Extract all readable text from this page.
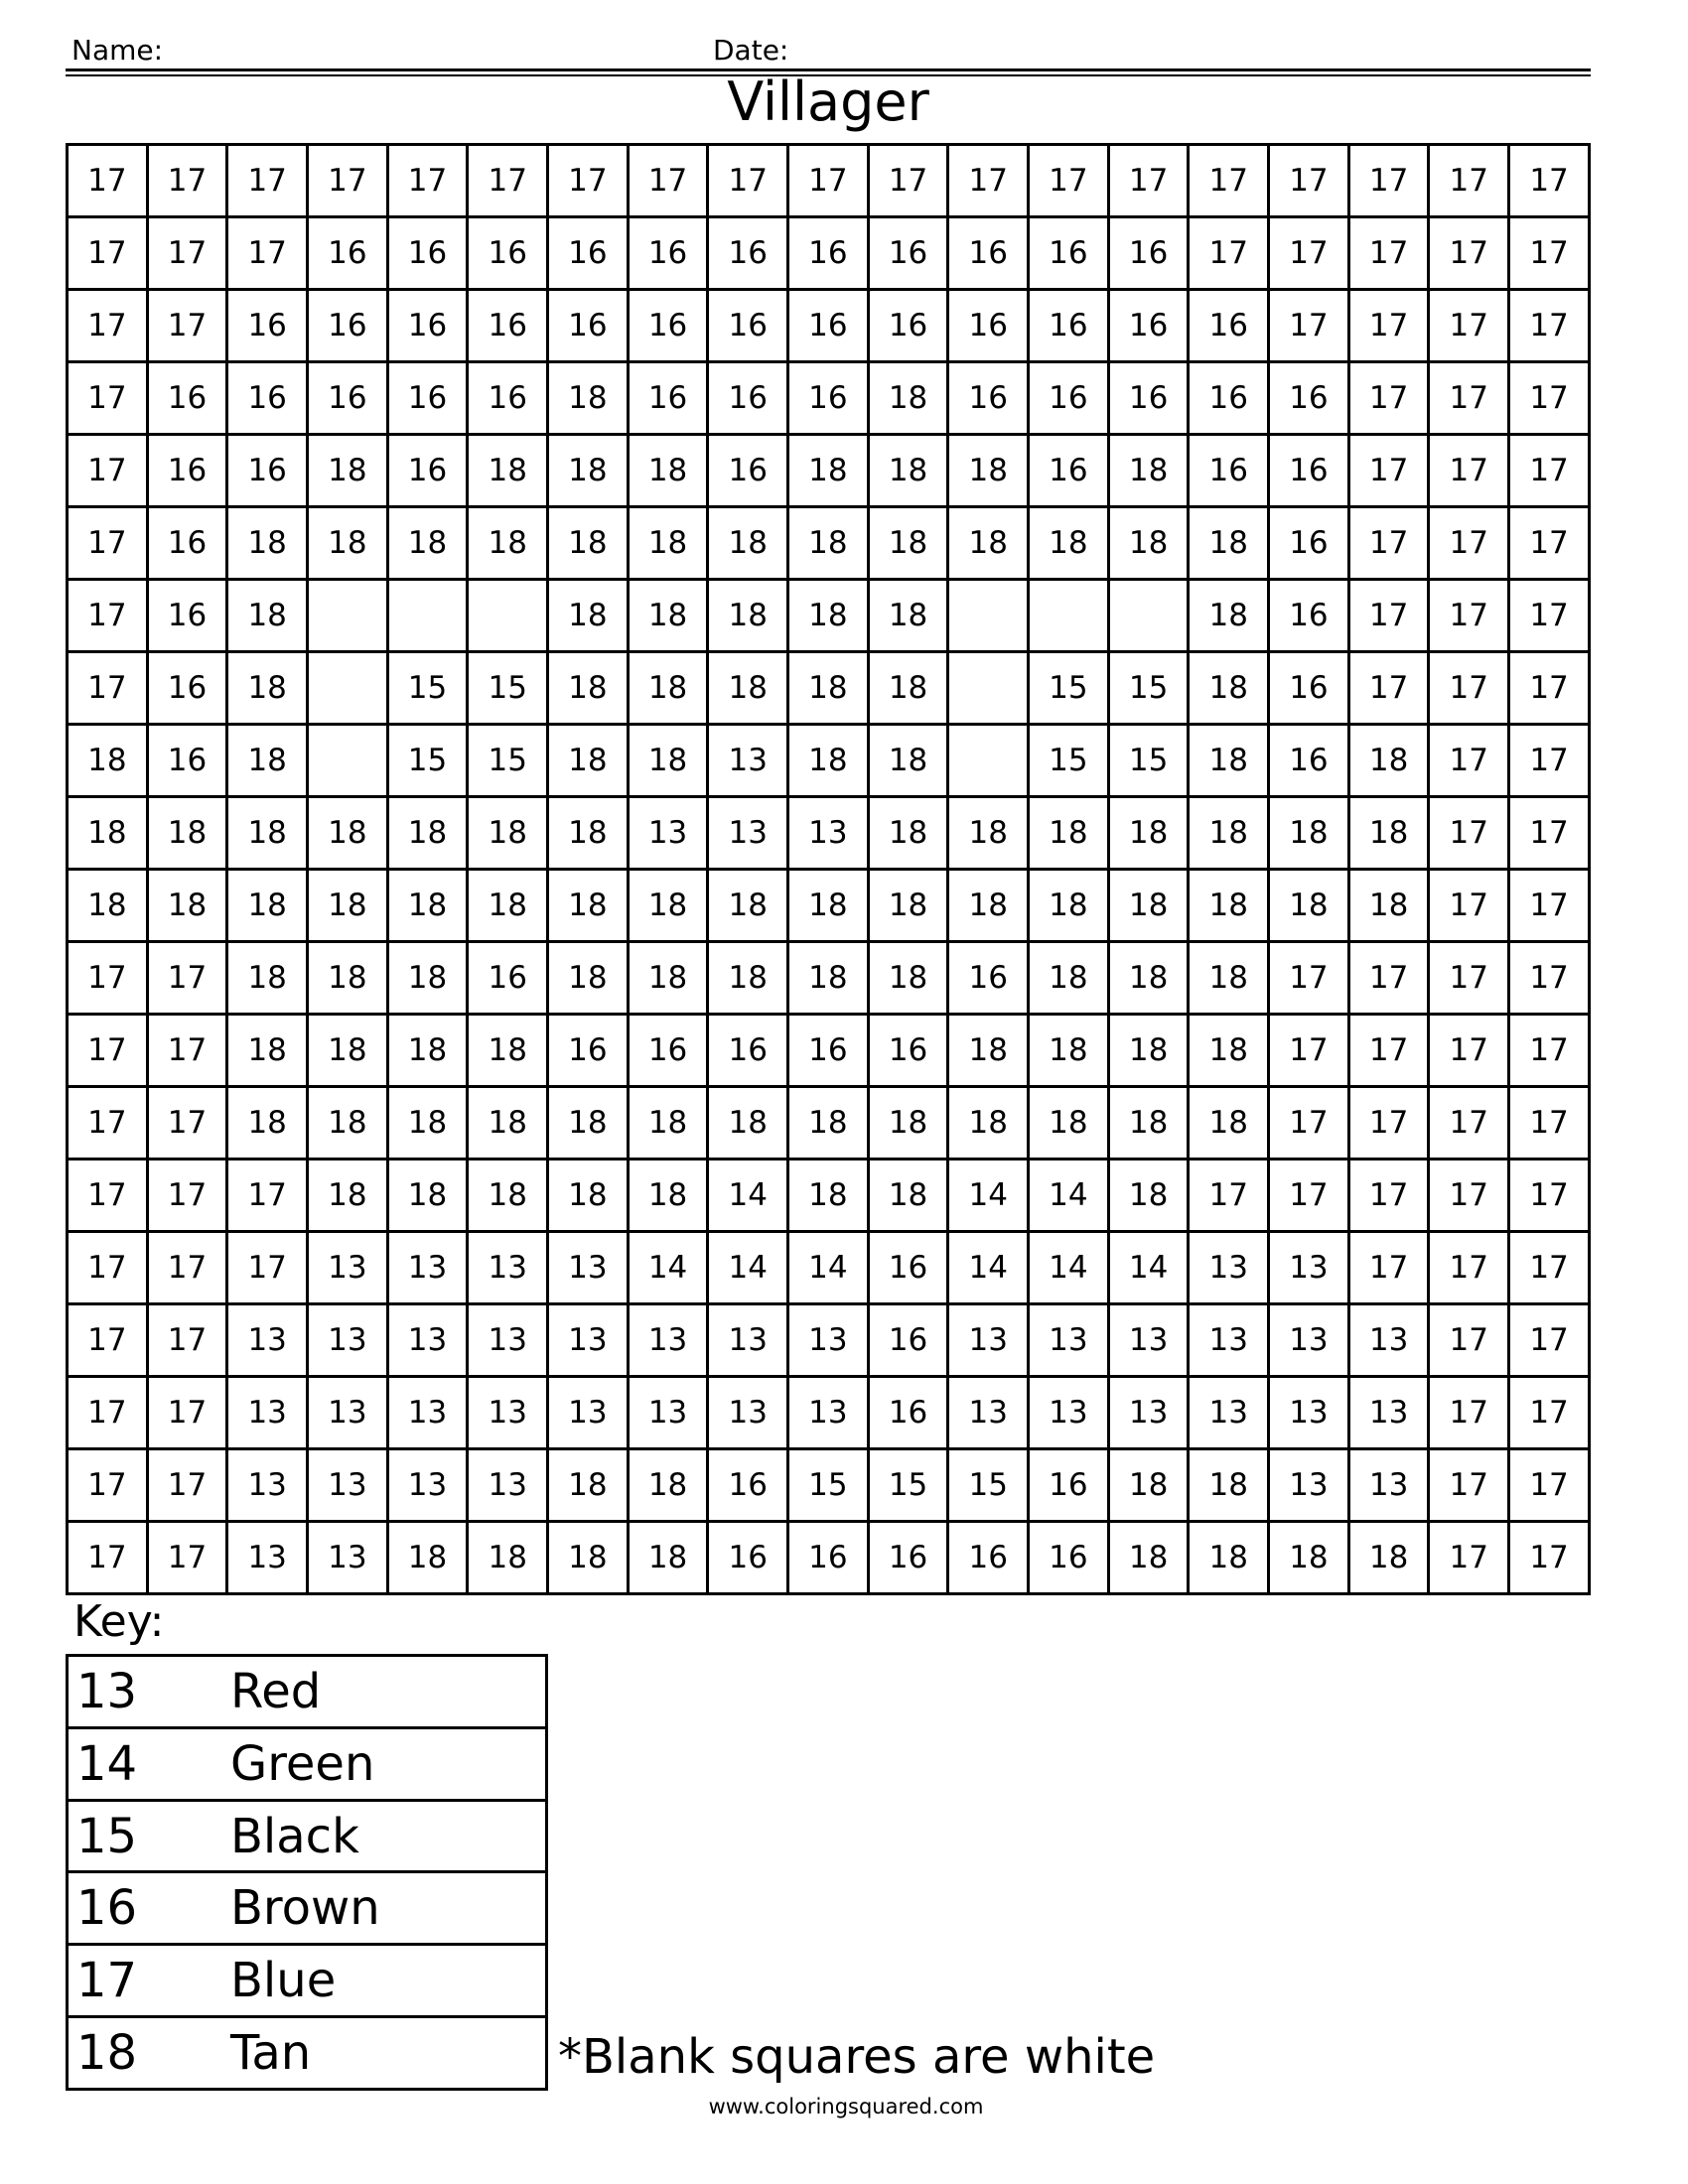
Name:	Date:
Villager
17	17	17	17	17	17	17	17	17	17	17	17	17	17	17	17	17	17	17
17	17	17	16	16	16	16	16	16	16	16	16	16	16	17	17	17	17	17
17	17	16	16	16	16	16	16	16	16	16	16	16	16	16	17	17	17	17
17	16	16	16	16	16	18	16	16	16	18	16	16	16	16	16	17	17	17
17	16	16	18	16	18	18	18	16	18	18	18	16	18	16	16	17	17	17
17	16	18	18	18	18	18	18	18	18	18	18	18	18	18	16	17	17	17
17	16	18				18	18	18	18	18				18	16	17	17	17
17	16	18		15	15	18	18	18	18	18		15	15	18	16	17	17	17
18	16	18		15	15	18	18	13	18	18		15	15	18	16	18	17	17
18	18	18	18	18	18	18	13	13	13	18	18	18	18	18	18	18	17	17
18	18	18	18	18	18	18	18	18	18	18	18	18	18	18	18	18	17	17
17	17	18	18	18	16	18	18	18	18	18	16	18	18	18	17	17	17	17
17	17	18	18	18	18	16	16	16	16	16	18	18	18	18	17	17	17	17
17	17	18	18	18	18	18	18	18	18	18	18	18	18	18	17	17	17	17
17	17	17	18	18	18	18	18	14	18	18	14	14	18	17	17	17	17	17
17	17	17	13	13	13	13	14	14	14	16	14	14	14	13	13	17	17	17
17	17	13	13	13	13	13	13	13	13	16	13	13	13	13	13	13	17	17
17	17	13	13	13	13	13	13	13	13	16	13	13	13	13	13	13	17	17
17	17	13	13	13	13	18	18	16	15	15	15	16	18	18	13	13	17	17
17	17	13	13	18	18	18	18	16	16	16	16	16	18	18	18	18	17	17
Key:
13	Red
14	Green
15	Black
16	Brown
17	Blue
18	Tan	*Blank squares are white
www.coloringsquared.com
